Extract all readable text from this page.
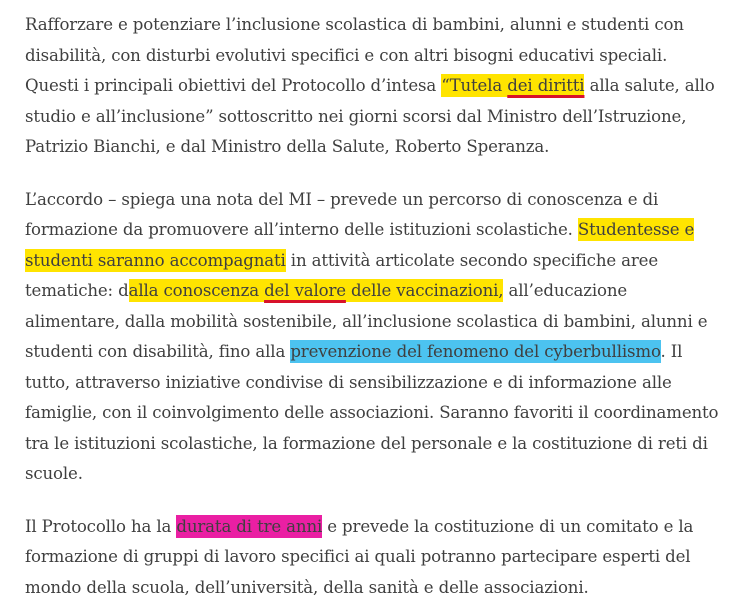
Rafforzare e potenziare l’inclusione scolastica di bambini, alunni e studenti con disabilità, con disturbi evolutivi specifici e con altri bisogni educativi speciali. Questi i principali obiettivi del Protocollo d’intesa “Tutela dei diritti alla salute, allo studio e all’inclusione” sottoscritto nei giorni scorsi dal Ministro dell’Istruzione, Patrizio Bianchi, e dal Ministro della Salute, Roberto Speranza.

L’accordo – spiega una nota del MI – prevede un percorso di conoscenza e di formazione da promuovere all’interno delle istituzioni scolastiche. Studentesse e studenti saranno accompagnati in attività articolate secondo specifiche aree tematiche: dalla conoscenza del valore delle vaccinazioni, all’educazione alimentare, dalla mobilità sostenibile, all’inclusione scolastica di bambini, alunni e studenti con disabilità, fino alla prevenzione del fenomeno del cyberbullismo. Il tutto, attraverso iniziative condivise di sensibilizzazione e di informazione alle famiglie, con il coinvolgimento delle associazioni. Saranno favoriti il coordinamento tra le istituzioni scolastiche, la formazione del personale e la costituzione di reti di scuole.

Il Protocollo ha la durata di tre anni e prevede la costituzione di un comitato e la formazione di gruppi di lavoro specifici ai quali potranno partecipare esperti del mondo della scuola, dell’università, della sanità e delle associazioni.
